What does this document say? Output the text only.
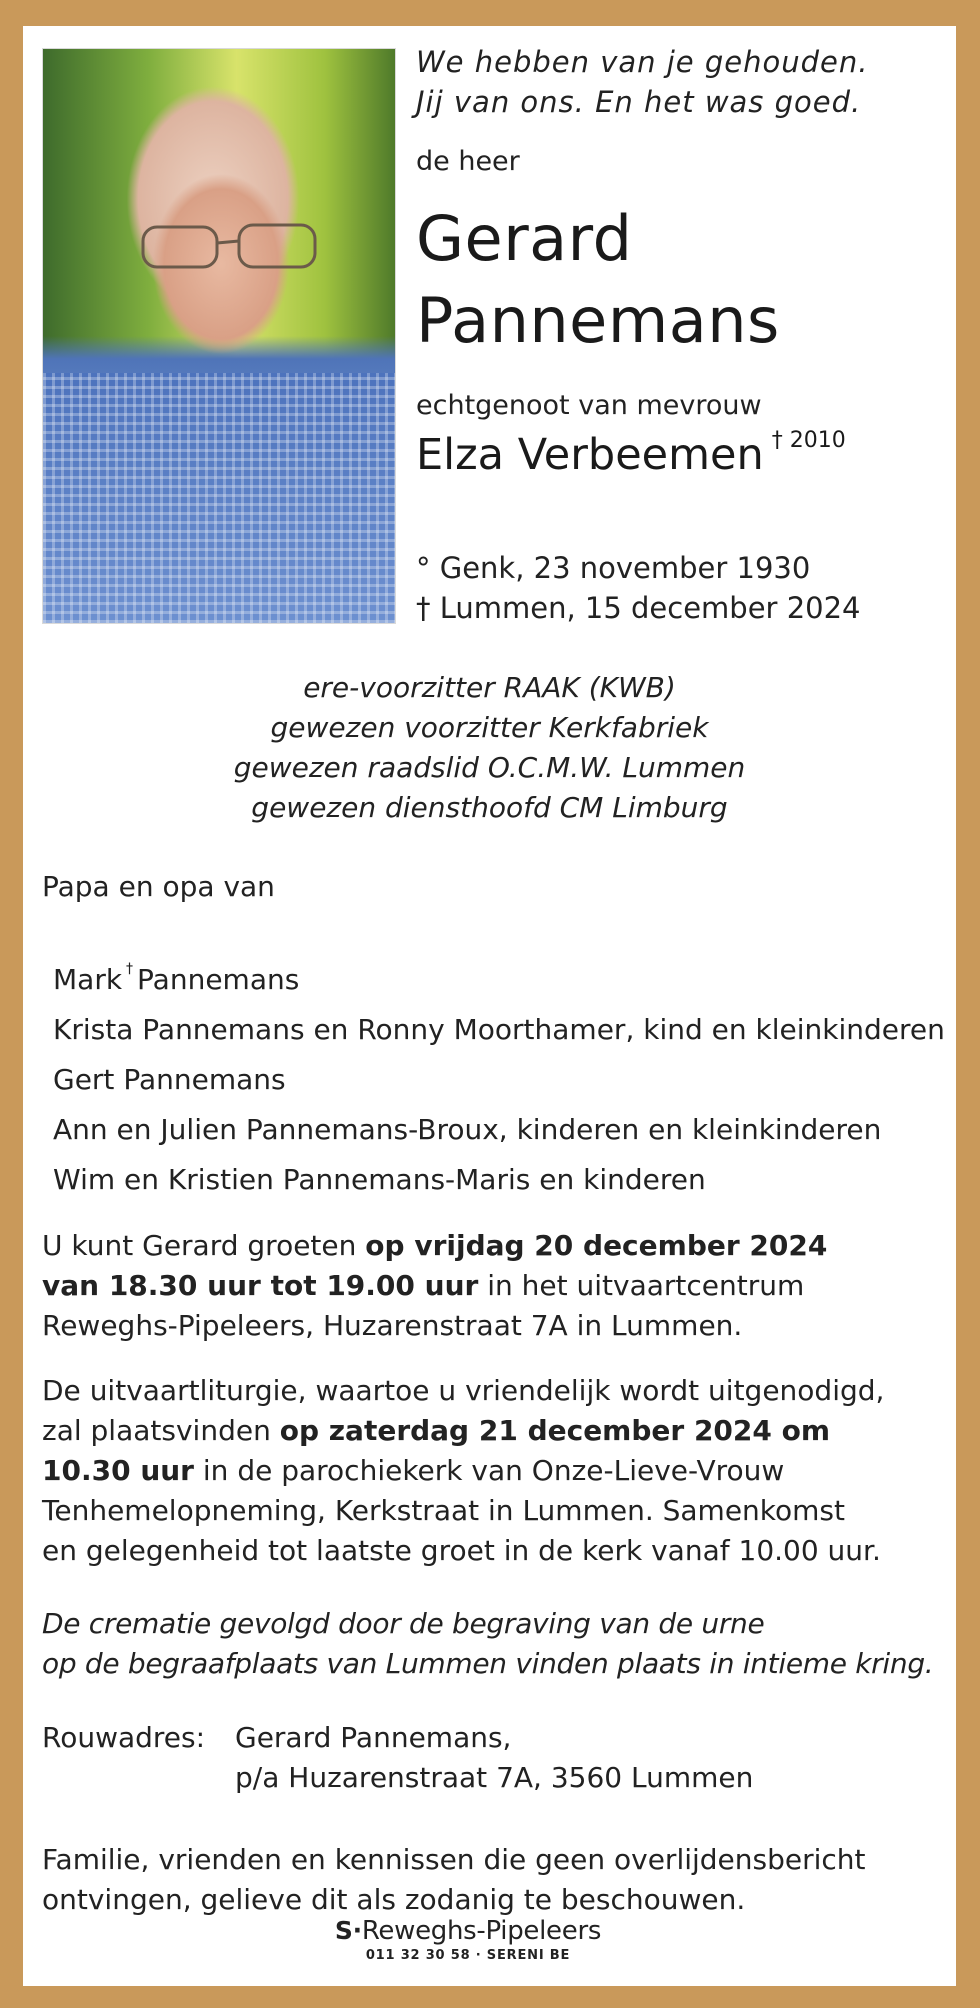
We hebben van je gehouden.
Jij van ons. En het was goed.
de heer
Gerard
Pannemans
echtgenoot van mevrouw
Elza Verbeemen $^{\dagger 2010}$
° Genk, 23 november 1930
† Lummen, 15 december 2024
ere-voorzitter RAAK (KWB)
gewezen voorzitter Kerkfabriek
gewezen raadslid O.C.M.W. Lummen
gewezen diensthoofd CM Limburg
Papa en opa van
Mark † Pannemans
Krista Pannemans en Ronny Moorthamer, kind en kleinkinderen
Gert Pannemans
Ann en Julien Pannemans-Broux, kinderen en kleinkinderen
Wim en Kristien Pannemans-Maris en kinderen
U kunt Gerard groeten op vrijdag 20 december 2024
van 18.30 uur tot 19.00 uur in het uitvaartcentrum
Reweghs-Pipeleers, Huzarenstraat 7A in Lummen.
De uitvaartliturgie, waartoe u vriendelijk wordt uitgenodigd,
zal plaatsvinden op zaterdag 21 december 2024 om
10.30 uur in de parochiekerk van Onze-Lieve-Vrouw
Tenhemelopneming, Kerkstraat in Lummen. Samenkomst
en gelegenheid tot laatste groet in de kerk vanaf 10.00 uur.
De crematie gevolgd door de begraving van de urne
op de begraafplaats van Lummen vinden plaats in intieme kring.
Rouwadres: Gerard Pannemans,
p/a Huzarenstraat 7A, 3560 Lummen
Familie, vrienden en kennissen die geen overlijdensbericht
ontvingen, gelieve dit als zodanig te beschouwen.
S·Reweghs-Pipeleers
011 32 30 58 · SERENI BE
